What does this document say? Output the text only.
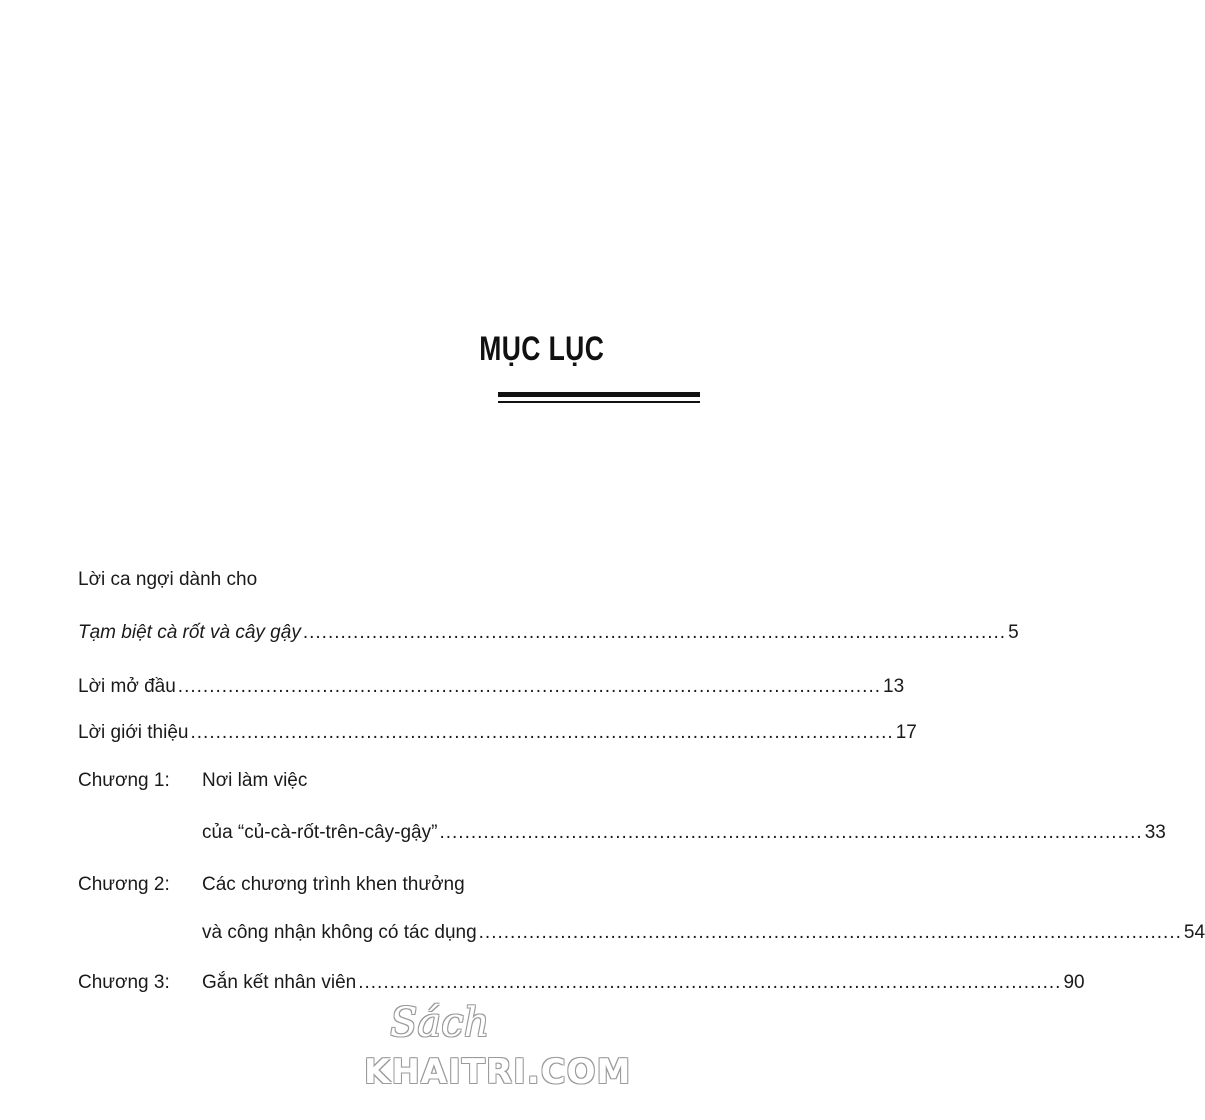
MỤC LỤC
Lời ca ngợi dành cho
Tạm biệt cà rốt và cây gậy ................................................................................................................ 5
Lời mở đầu ................................................................................................................ 13
Lời giới thiệu ................................................................................................................ 17
Chương 1:	Nơi làm việc
của “củ-cà-rốt-trên-cây-gậy” ................................................................................................................ 33
Chương 2:	Các chương trình khen thưởng
và công nhận không có tác dụng ................................................................................................................ 54
Chương 3:	Gắn kết nhân viên ................................................................................................................ 90
Sách
KHAITRI.COM
